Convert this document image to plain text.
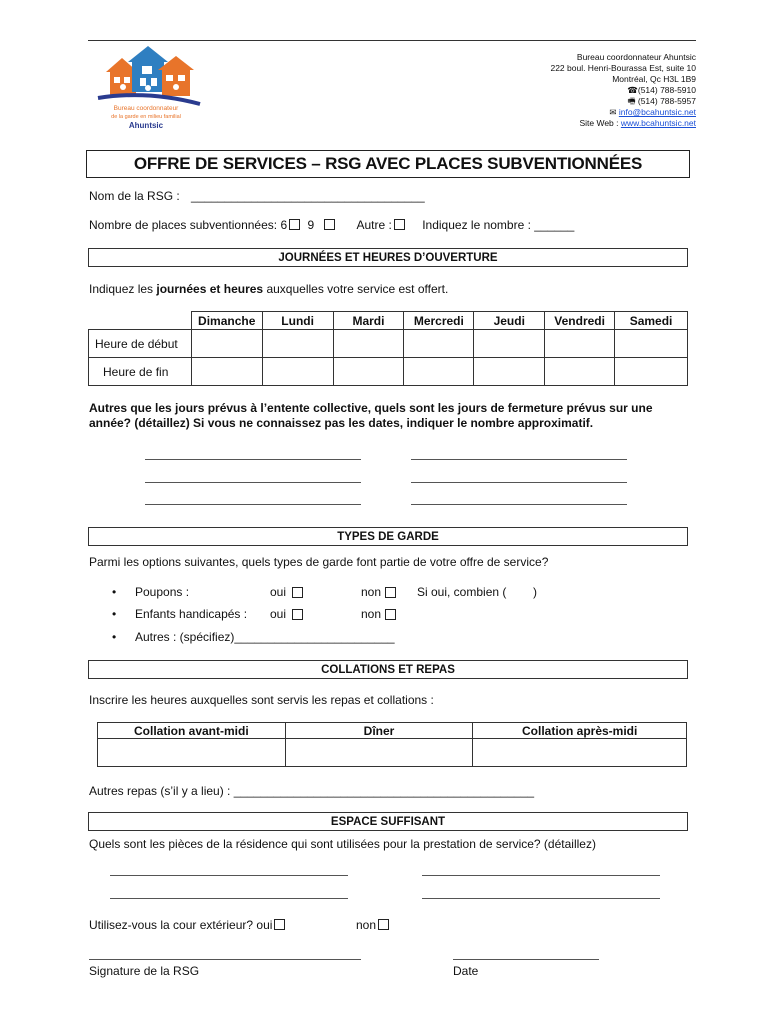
Bureau coordonnateur
de la garde en milieu familial
Ahuntsic
Bureau coordonnateur Ahuntsic
222 boul. Henri-Bourassa Est, suite 10
Montréal, Qc H3L 1B9
☎(514) 788-5910
🖷 (514) 788-5957
✉ info@bcahuntsic.net
Site Web : www.bcahuntsic.net
OFFRE DE SERVICES – RSG AVEC PLACES SUBVENTIONNÉES
Nom de la RSG : ___________________________________
Nombre de places subventionnées: 6 9	Autre :	Indiquez le nombre : ______
JOURNÉES ET HEURES D’OUVERTURE
Indiquez les journées et heures auxquelles votre service est offert.
	Dimanche	Lundi	Mardi	Mercredi	Jeudi	Vendredi	Samedi
Heure de début							
Heure de fin							
Autres que les jours prévus à l’entente collective, quels sont les jours de fermeture prévus sur une année? (détaillez) Si vous ne connaissez pas les dates, indiquer le nombre approximatif.
TYPES DE GARDE
Parmi les options suivantes, quels types de garde font partie de votre offre de service?
• Poupons :	oui	non	Si oui, combien (        )
• Enfants handicapés : oui	non
• Autres : (spécifiez)________________________
COLLATIONS ET REPAS
Inscrire les heures auxquelles sont servis les repas et collations :
Collation avant-midi	Dîner	Collation après-midi

Autres repas (s’il y a lieu) : _____________________________________________
ESPACE SUFFISANT
Quels sont les pièces de la résidence qui sont utilisées pour la prestation de service? (détaillez)
Utilisez-vous la cour extérieur? oui	non
Signature de la RSG	Date
